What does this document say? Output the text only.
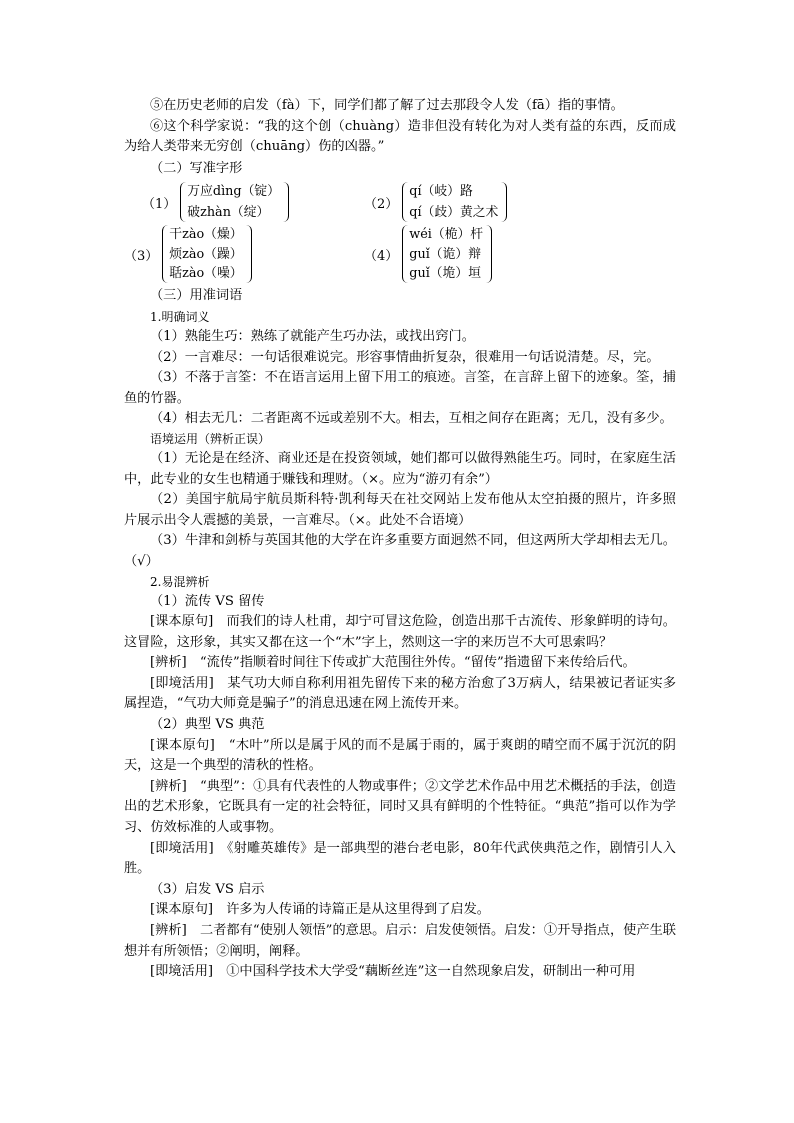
⑤在历史老师的启发（fà）下，同学们都了解了过去那段令人发（fā）指的事情。

⑥这个科学家说：“我的这个创（chuàng）造非但没有转化为对人类有益的东西，反而成为给人类带来无穷创（chuāng）伤的凶器。”

（二）写准字形

（1）
万应dìng（锭）
破zhàn（绽）
（2）
qí（岐）路
qí（歧）黄之术
（3）
干zào（燥）
烦zào（躁）
聒zào（噪）
（4）
wéi（桅）杆
guǐ（诡）辩
guǐ（垝）垣

（三）用准词语

1.明确词义

（1）熟能生巧：熟练了就能产生巧办法，或找出窍门。

（2）一言难尽：一句话很难说完。形容事情曲折复杂，很难用一句话说清楚。尽，完。

（3）不落于言筌：不在语言运用上留下用工的痕迹。言筌，在言辞上留下的迹象。筌，捕鱼的竹器。

（4）相去无几：二者距离不远或差别不大。相去，互相之间存在距离；无几，没有多少。

语境运用（辨析正误）

（1）无论是在经济、商业还是在投资领域，她们都可以做得熟能生巧。同时，在家庭生活中，此专业的女生也精通于赚钱和理财。（×。应为“游刃有余”）

（2）美国宇航局宇航员斯科特·凯利每天在社交网站上发布他从太空拍摄的照片，许多照片展示出令人震撼的美景，一言难尽。（×。此处不合语境）

（3）牛津和剑桥与英国其他的大学在许多重要方面迥然不同，但这两所大学却相去无几。（√）

2.易混辨析

（1）流传 VS 留传

[课本原句]　而我们的诗人杜甫，却宁可冒这危险，创造出那千古流传、形象鲜明的诗句。这冒险，这形象，其实又都在这一个“木”字上，然则这一字的来历岂不大可思索吗？

[辨析]　“流传”指顺着时间往下传或扩大范围往外传。“留传”指遗留下来传给后代。

[即境活用]　某气功大师自称利用祖先留传下来的秘方治愈了3万病人，结果被记者证实多属捏造，“气功大师竟是骗子”的消息迅速在网上流传开来。

（2）典型 VS 典范

[课本原句]　“木叶”所以是属于风的而不是属于雨的，属于爽朗的晴空而不属于沉沉的阴天，这是一个典型的清秋的性格。

[辨析]　“典型”：①具有代表性的人物或事件；②文学艺术作品中用艺术概括的手法，创造出的艺术形象，它既具有一定的社会特征，同时又具有鲜明的个性特征。“典范”指可以作为学习、仿效标准的人或事物。

[即境活用]　《射雕英雄传》是一部典型的港台老电影，80年代武侠典范之作，剧情引人入胜。

（3）启发 VS 启示

[课本原句]　许多为人传诵的诗篇正是从这里得到了启发。

[辨析]　二者都有“使别人领悟”的意思。启示：启发使领悟。启发：①开导指点，使产生联想并有所领悟；②阐明，阐释。

[即境活用]　①中国科学技术大学受“藕断丝连”这一自然现象启发，研制出一种可用
